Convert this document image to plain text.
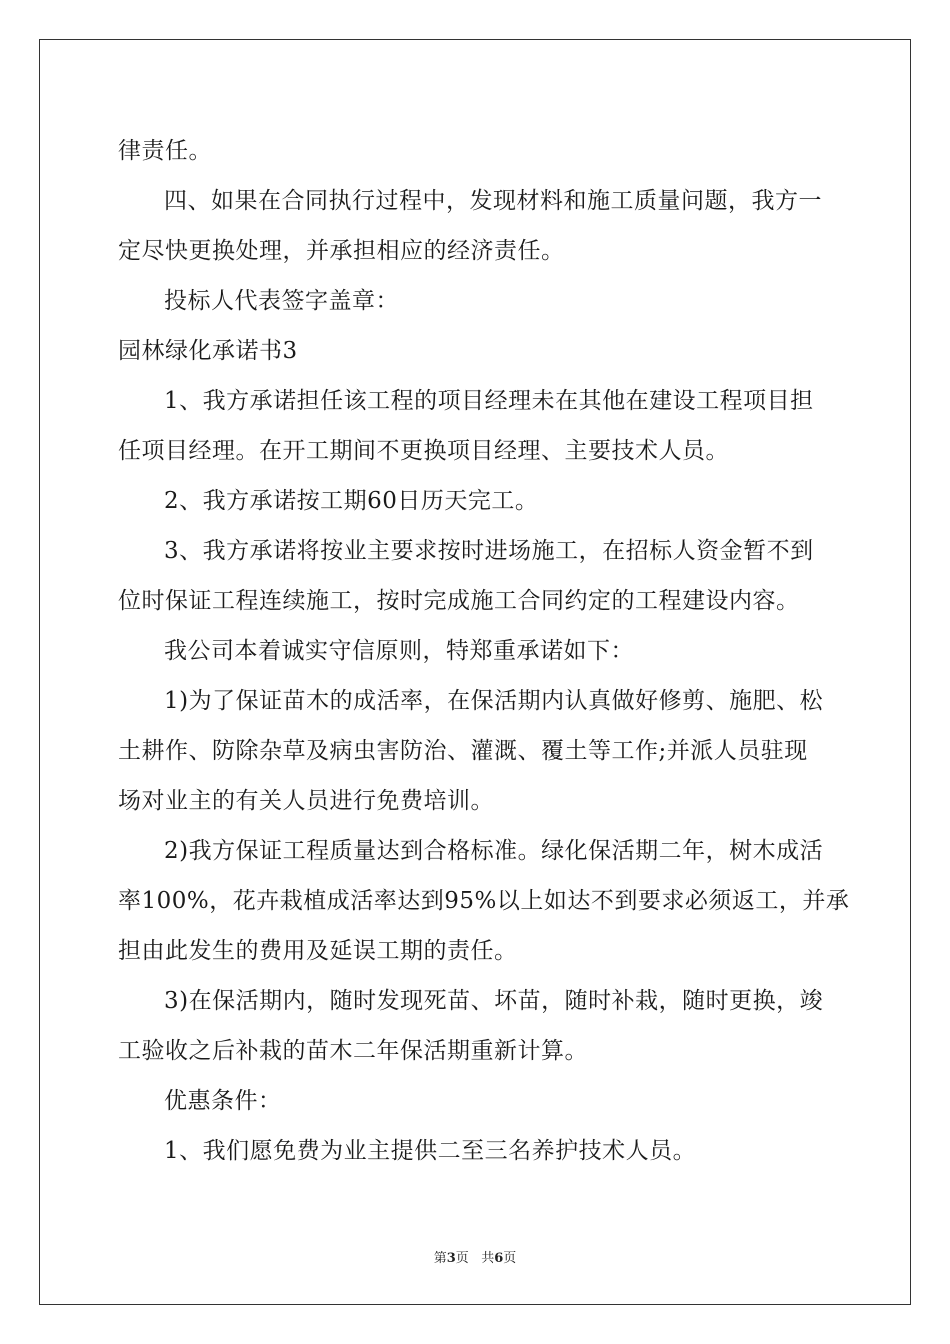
律责任。
四、如果在合同执行过程中，发现材料和施工质量问题，我方一
定尽快更换处理，并承担相应的经济责任。
投标人代表签字盖章：
园林绿化承诺书3
1、我方承诺担任该工程的项目经理未在其他在建设工程项目担
任项目经理。在开工期间不更换项目经理、主要技术人员。
2、我方承诺按工期60日历天完工。
3、我方承诺将按业主要求按时进场施工，在招标人资金暂不到
位时保证工程连续施工，按时完成施工合同约定的工程建设内容。
我公司本着诚实守信原则，特郑重承诺如下：
1)为了保证苗木的成活率，在保活期内认真做好修剪、施肥、松
土耕作、防除杂草及病虫害防治、灌溉、覆土等工作;并派人员驻现
场对业主的有关人员进行免费培训。
2)我方保证工程质量达到合格标准。绿化保活期二年，树木成活
率100%，花卉栽植成活率达到95%以上如达不到要求必须返工，并承
担由此发生的费用及延误工期的责任。
3)在保活期内，随时发现死苗、坏苗，随时补栽，随时更换，竣
工验收之后补栽的苗木二年保活期重新计算。
优惠条件：
1、我们愿免费为业主提供二至三名养护技术人员。
第3页 共6页
